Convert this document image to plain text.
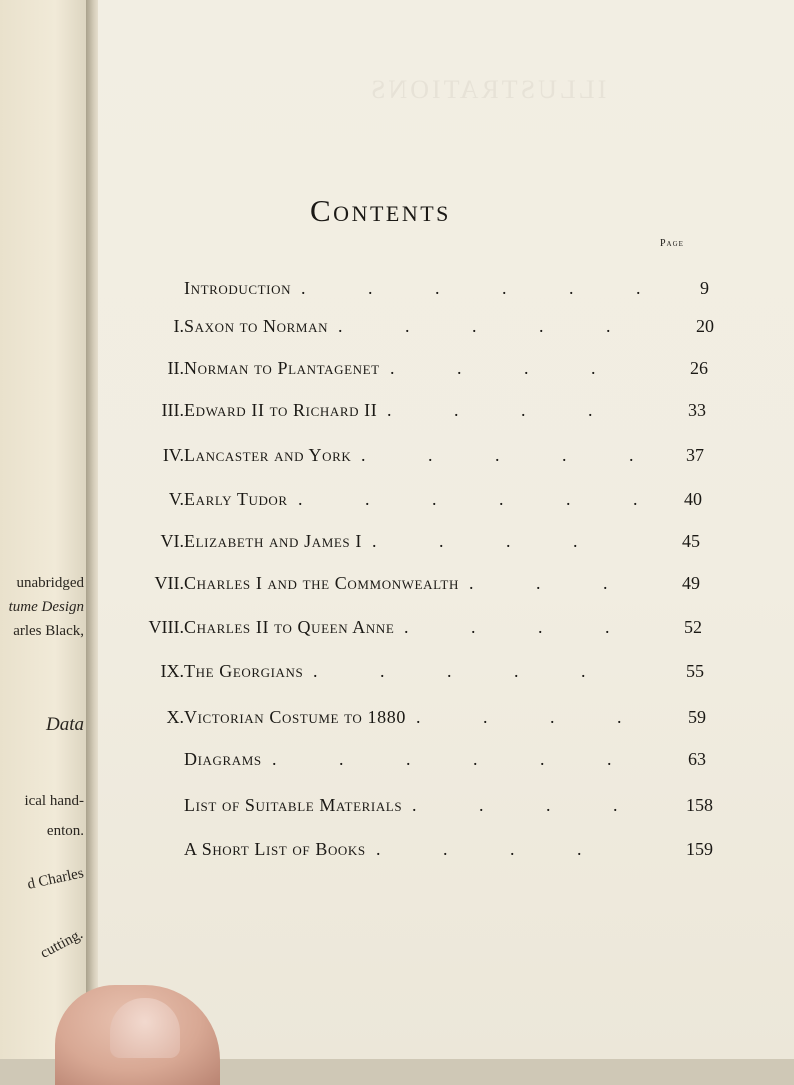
unabridged
tume Design
arles Black,
Data
ical hand-
enton.
d Charles
cutting.
ILLUSTRATIONS
Contents
Page
Introduction . . . . . .	9
I. Saxon to Norman . . . . .	20
II. Norman to Plantagenet . . . .	26
III. Edward II to Richard II . . . .	33
IV. Lancaster and York . . . . .	37
V. Early Tudor . . . . . . 40
VI. Elizabeth and James I . . . .	45
VII. Charles I and the Commonwealth . . .	49
VIII. Charles II to Queen Anne . . . .	52
IX. The Georgians . . . . .	55
X. Victorian Costume to 1880 . . . .	59
Diagrams . . . . . .	63
List of Suitable Materials . . . .	158
A Short List of Books . . . .	159
